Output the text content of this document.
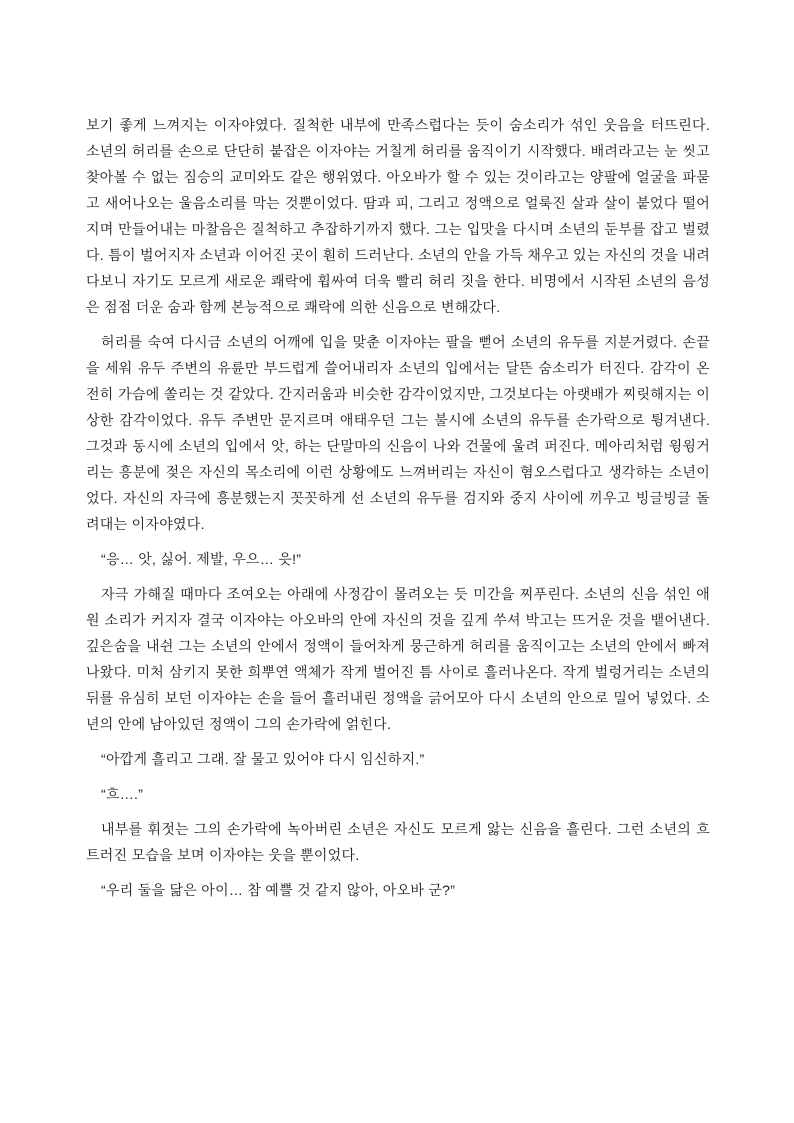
보기 좋게 느껴지는 이자야였다. 질척한 내부에 만족스럽다는 듯이 숨소리가 섞인 웃음을 터뜨린다. 소년의 허리를 손으로 단단히 붙잡은 이자야는 거칠게 허리를 움직이기 시작했다. 배려라고는 눈 씻고 찾아볼 수 없는 짐승의 교미와도 같은 행위였다. 아오바가 할 수 있는 것이라고는 양팔에 얼굴을 파묻고 새어나오는 울음소리를 막는 것뿐이었다. 땀과 피, 그리고 정액으로 얼룩진 살과 살이 붙었다 떨어지며 만들어내는 마찰음은 질척하고 추잡하기까지 했다. 그는 입맛을 다시며 소년의 둔부를 잡고 벌렸다. 틈이 벌어지자 소년과 이어진 곳이 훤히 드러난다. 소년의 안을 가득 채우고 있는 자신의 것을 내려다보니 자기도 모르게 새로운 쾌락에 휩싸여 더욱 빨리 허리 짓을 한다. 비명에서 시작된 소년의 음성은 점점 더운 숨과 함께 본능적으로 쾌락에 의한 신음으로 변해갔다.

허리를 숙여 다시금 소년의 어깨에 입을 맞춘 이자야는 팔을 뻗어 소년의 유두를 지분거렸다. 손끝을 세워 유두 주변의 유륜만 부드럽게 쓸어내리자 소년의 입에서는 달뜬 숨소리가 터진다. 감각이 온전히 가슴에 쏠리는 것 같았다. 간지러움과 비슷한 감각이었지만, 그것보다는 아랫배가 찌릿해지는 이상한 감각이었다. 유두 주변만 문지르며 애태우던 그는 불시에 소년의 유두를 손가락으로 튕겨낸다. 그것과 동시에 소년의 입에서 앗, 하는 단말마의 신음이 나와 건물에 울려 퍼진다. 메아리처럼 윙윙거리는 흥분에 젖은 자신의 목소리에 이런 상황에도 느껴버리는 자신이 혐오스럽다고 생각하는 소년이었다. 자신의 자극에 흥분했는지 꼿꼿하게 선 소년의 유두를 검지와 중지 사이에 끼우고 빙글빙글 돌려대는 이자야였다.

“응… 앗, 싫어. 제발, 우으… 읏!”

자극 가해질 때마다 조여오는 아래에 사정감이 몰려오는 듯 미간을 찌푸린다. 소년의 신음 섞인 애원 소리가 커지자 결국 이자야는 아오바의 안에 자신의 것을 깊게 쑤셔 박고는 뜨거운 것을 뱉어낸다. 깊은숨을 내쉰 그는 소년의 안에서 정액이 들어차게 뭉근하게 허리를 움직이고는 소년의 안에서 빠져나왔다. 미처 삼키지 못한 희뿌연 액체가 작게 벌어진 틈 사이로 흘러나온다. 작게 벌렁거리는 소년의 뒤를 유심히 보던 이자야는 손을 들어 흘러내린 정액을 긁어모아 다시 소년의 안으로 밀어 넣었다. 소년의 안에 남아있던 정액이 그의 손가락에 얽힌다.

“아깝게 흘리고 그래. 잘 물고 있어야 다시 임신하지.”

“흐….”

내부를 휘젓는 그의 손가락에 녹아버린 소년은 자신도 모르게 앓는 신음을 흘린다. 그런 소년의 흐트러진 모습을 보며 이자야는 웃을 뿐이었다.

“우리 둘을 닮은 아이… 참 예쁠 것 같지 않아, 아오바 군?”
